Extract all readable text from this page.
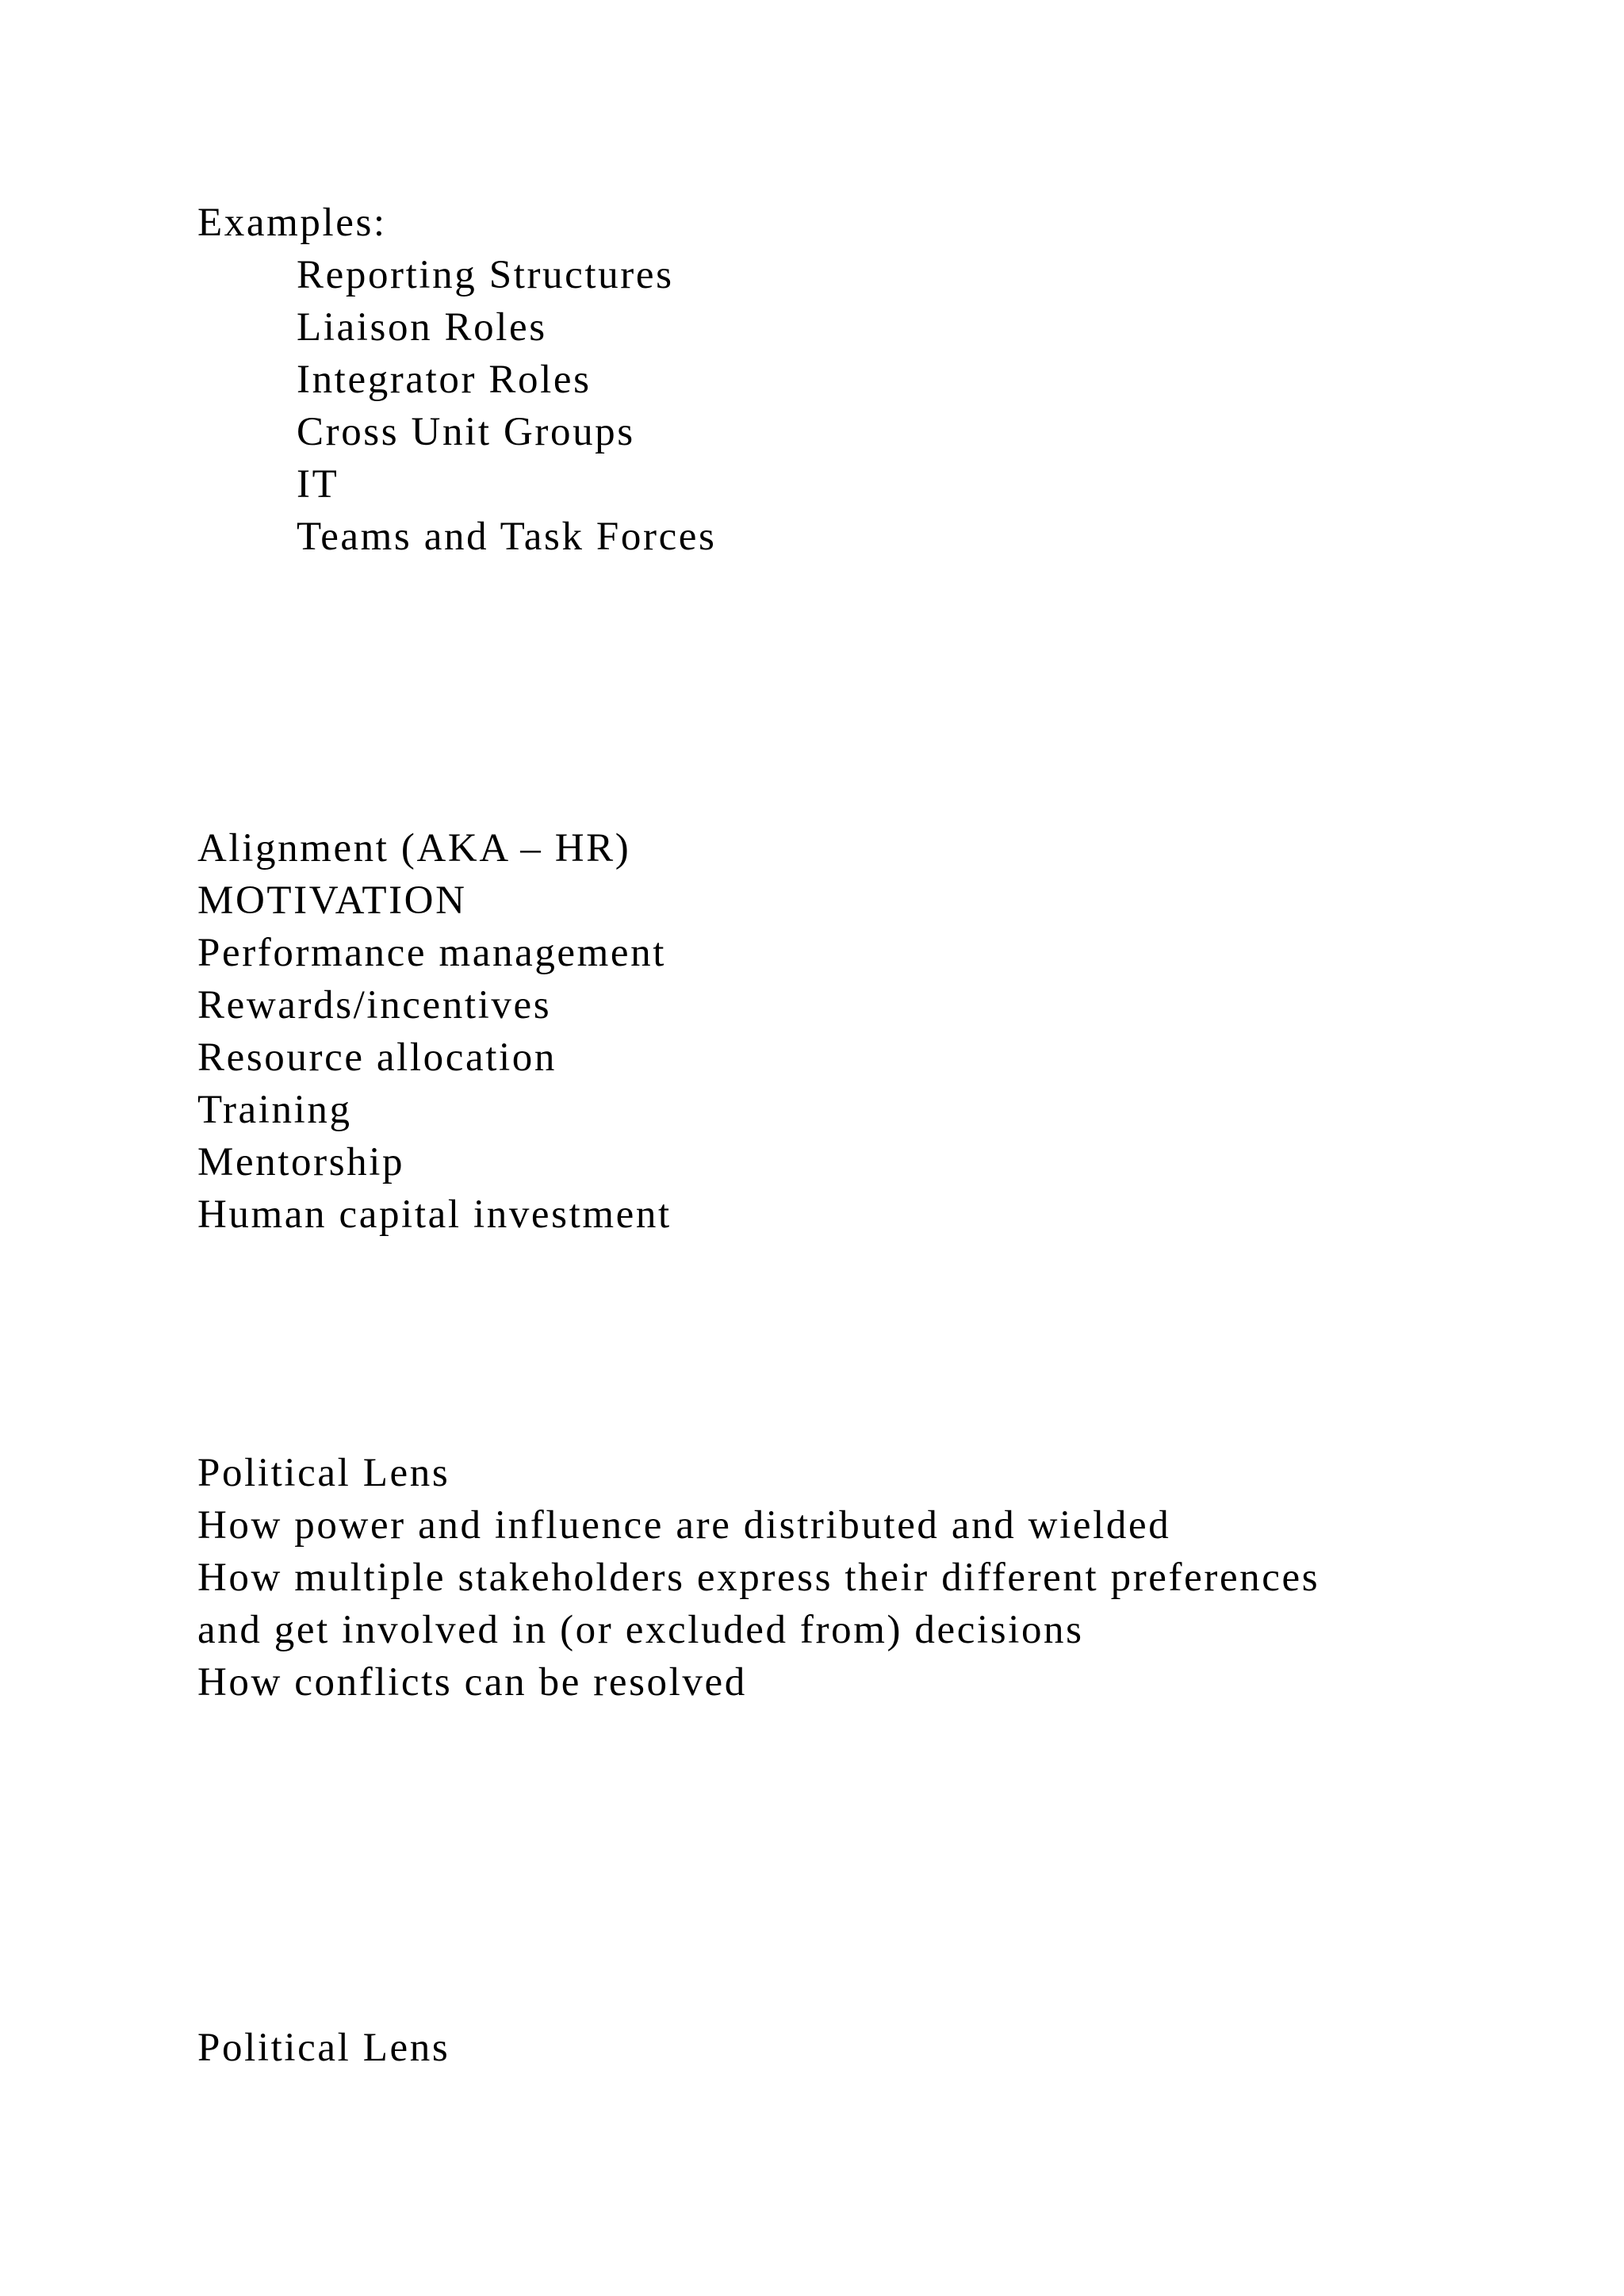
Examples:

Reporting Structures

Liaison Roles

Integrator Roles

Cross Unit Groups

IT

Teams and Task Forces

Alignment (AKA – HR)

MOTIVATION

Performance management

Rewards/incentives

Resource allocation

Training

Mentorship

Human capital investment

Political Lens

How power and influence are distributed and wielded

How multiple stakeholders express their different preferences

and get involved in (or excluded from) decisions

How conflicts can be resolved

Political Lens
